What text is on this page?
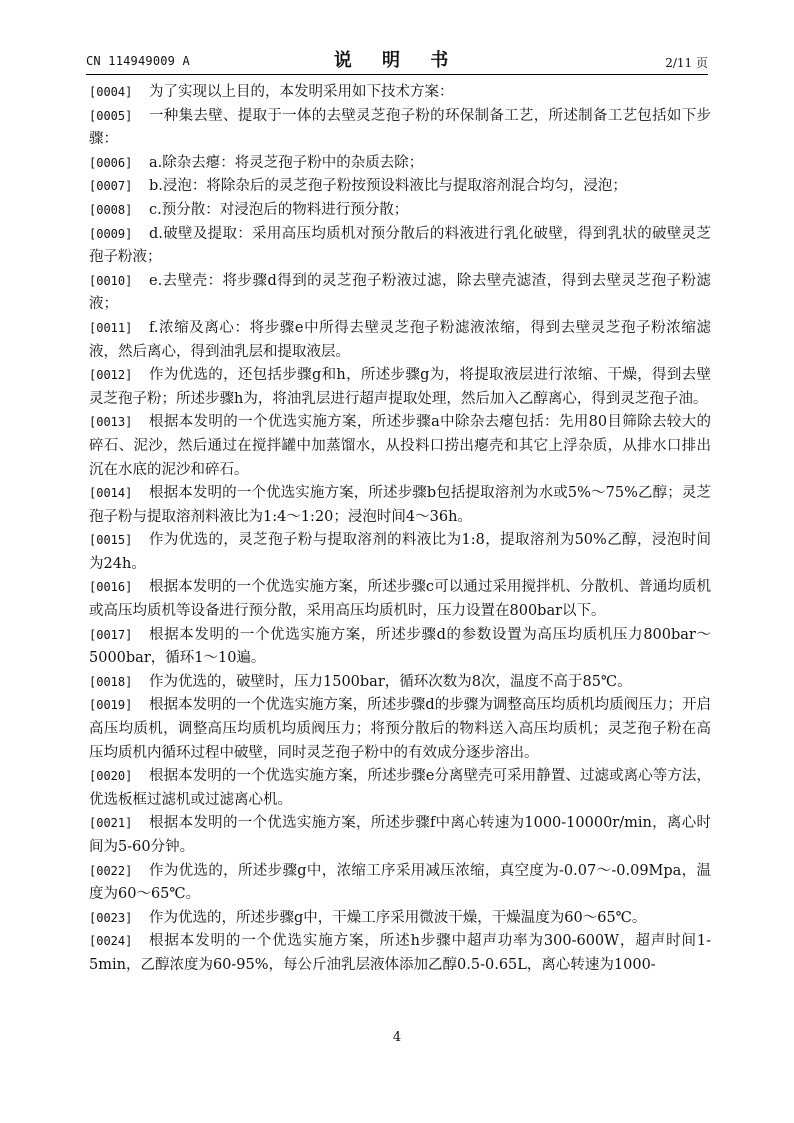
CN 114949009 A	说 明 书	2/11 页
[0004]	为了实现以上目的，本发明采用如下技术方案：
[0005]	一种集去壁、提取于一体的去壁灵芝孢子粉的环保制备工艺，所述制备工艺包括如下步骤：
[0006]	a.除杂去瘪：将灵芝孢子粉中的杂质去除；
[0007]	b.浸泡：将除杂后的灵芝孢子粉按预设料液比与提取溶剂混合均匀，浸泡；
[0008]	c.预分散：对浸泡后的物料进行预分散；
[0009]	d.破壁及提取：采用高压均质机对预分散后的料液进行乳化破壁，得到乳状的破壁灵芝孢子粉液；
[0010]	e.去壁壳：将步骤d得到的灵芝孢子粉液过滤，除去壁壳滤渣，得到去壁灵芝孢子粉滤液；
[0011]	f.浓缩及离心：将步骤e中所得去壁灵芝孢子粉滤液浓缩，得到去壁灵芝孢子粉浓缩滤液，然后离心，得到油乳层和提取液层。
[0012]	作为优选的，还包括步骤g和h，所述步骤g为，将提取液层进行浓缩、干燥，得到去壁灵芝孢子粉；所述步骤h为，将油乳层进行超声提取处理，然后加入乙醇离心，得到灵芝孢子油。
[0013]	根据本发明的一个优选实施方案，所述步骤a中除杂去瘪包括：先用80目筛除去较大的碎石、泥沙，然后通过在搅拌罐中加蒸馏水，从投料口捞出瘪壳和其它上浮杂质，从排水口排出沉在水底的泥沙和碎石。
[0014]	根据本发明的一个优选实施方案，所述步骤b包括提取溶剂为水或5%～75%乙醇；灵芝孢子粉与提取溶剂料液比为1:4～1:20；浸泡时间4～36h。
[0015]	作为优选的，灵芝孢子粉与提取溶剂的料液比为1:8，提取溶剂为50%乙醇，浸泡时间为24h。
[0016]	根据本发明的一个优选实施方案，所述步骤c可以通过采用搅拌机、分散机、普通均质机或高压均质机等设备进行预分散，采用高压均质机时，压力设置在800bar以下。
[0017]	根据本发明的一个优选实施方案，所述步骤d的参数设置为高压均质机压力800bar～5000bar，循环1～10遍。
[0018]	作为优选的，破壁时，压力1500bar，循环次数为8次，温度不高于85℃。
[0019]	根据本发明的一个优选实施方案，所述步骤d的步骤为调整高压均质机均质阀压力；开启高压均质机，调整高压均质机均质阀压力；将预分散后的物料送入高压均质机；灵芝孢子粉在高压均质机内循环过程中破壁，同时灵芝孢子粉中的有效成分逐步溶出。
[0020]	根据本发明的一个优选实施方案，所述步骤e分离壁壳可采用静置、过滤或离心等方法，优选板框过滤机或过滤离心机。
[0021]	根据本发明的一个优选实施方案，所述步骤f中离心转速为1000-10000r/min，离心时间为5-60分钟。
[0022]	作为优选的，所述步骤g中，浓缩工序采用减压浓缩，真空度为-0.07～-0.09Mpa，温度为60～65℃。
[0023]	作为优选的，所述步骤g中，干燥工序采用微波干燥，干燥温度为60～65℃。
[0024]	根据本发明的一个优选实施方案，所述h步骤中超声功率为300-600W，超声时间1-5min，乙醇浓度为60-95%，每公斤油乳层液体添加乙醇0.5-0.65L，离心转速为1000-
4
